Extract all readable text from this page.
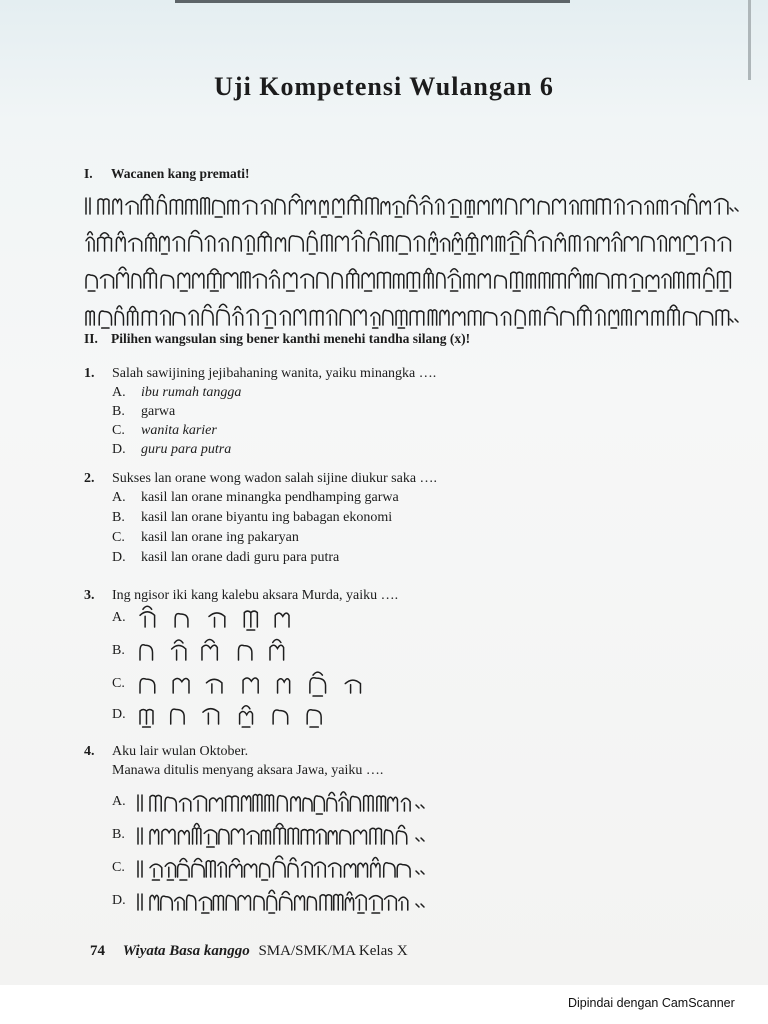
Uji Kompetensi Wulangan 6
I. Wacanen kang premati!
II. Pilihen wangsulan sing bener kanthi menehi tandha silang (x)!
1. Salah sawijining jejibahaning wanita, yaiku minangka ….
A.	ibu rumah tangga
B.	garwa
C.	wanita karier
D.	guru para putra
2. Sukses lan orane wong wadon salah sijine diukur saka ….
A.	kasil lan orane minangka pendhamping garwa
B.	kasil lan orane biyantu ing babagan ekonomi
C.	kasil lan orane ing pakaryan
D.	kasil lan orane dadi guru para putra
3. Ing ngisor iki kang kalebu aksara Murda, yaiku ….
A.
B.
C.
D.
4. Aku lair wulan Oktober.
Manawa ditulis menyang aksara Jawa, yaiku ….
A.
B.
C.
D.
74 Wiyata Basa kanggo SMA/SMK/MA Kelas X
Dipindai dengan CamScanner
